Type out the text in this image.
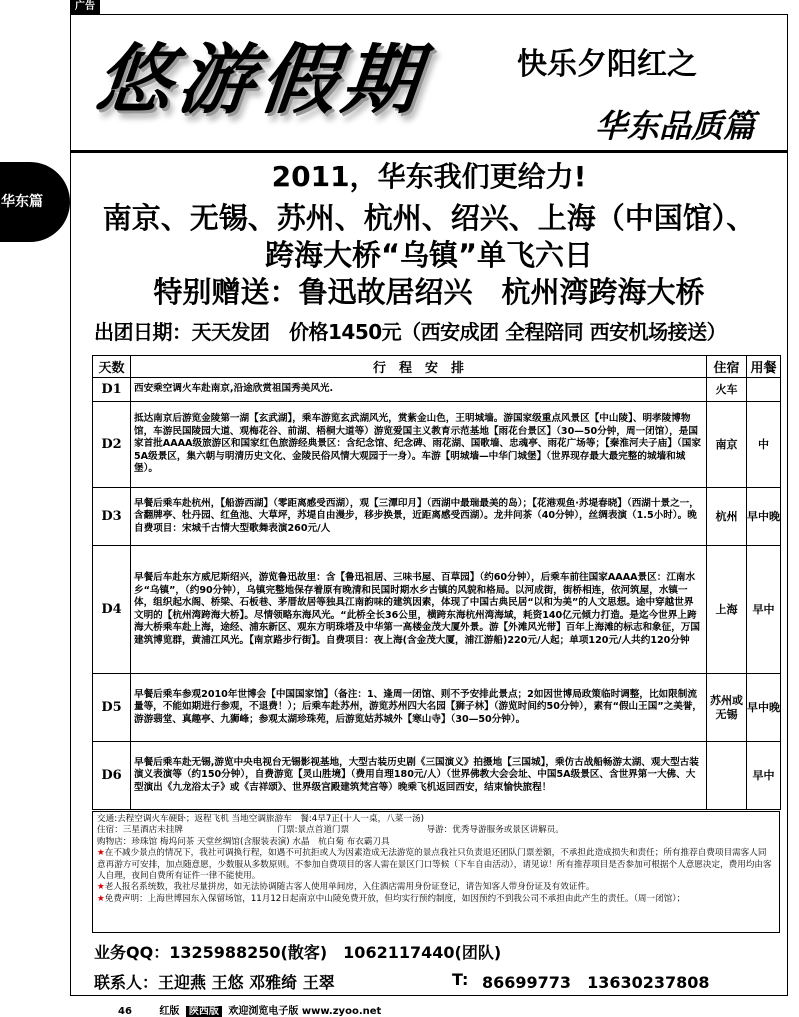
广告
华东篇
悠游假期	快乐夕阳红之
华东品质篇
2011，华东我们更给力!
南京、无锡、苏州、杭州、绍兴、上海（中国馆）、
跨海大桥“乌镇”单飞六日
特别赠送：鲁迅故居绍兴　杭州湾跨海大桥
出团日期：天天发团　价格1450元（西安成团 全程陪同 西安机场接送）
天数	行　程　安　排	住宿	用餐
D1	西安乘空调火车赴南京,沿途欣赏祖国秀美风光.	火车	
D2	抵达南京后游览金陵第一湖【玄武湖】，乘车游览玄武湖风光，赏紫金山色，王明城墙。游国家级重点风景区【中山陵】、明孝陵博物馆，车游民国陵园大道、观梅花谷、前湖、梧桐大道等）游览爱国主义教育示范基地【雨花台景区】（30—50分钟，周一闭馆），是国家首批AAAA级旅游区和国家红色旅游经典景区：含纪念馆、纪念碑、雨花湖、国歌墙、忠魂亭、雨花广场等；【秦淮河夫子庙】（国家5A级景区，集六朝与明清历史文化、金陵民俗风情大观园于一身）。车游【明城墙—中华门城堡】（世界现存最大最完整的城墙和城堡）。	南京	中
D3	早餐后乘车赴杭州，【船游西湖】（零距离感受西湖），观【三潭印月】（西湖中最瑞最美的岛）；【花港观鱼·苏堤春晓】（西湖十景之一，含翻牌亭、牡丹园、红鱼池、大草坪，苏堤自由漫步，移步换景，近距离感受西湖）。龙井问茶（40分钟），丝绸表演（1.5小时）。晚自费项目：宋城千古情大型歌舞表演260元/人	杭州	早中晚
D4	早餐后车赴东方威尼斯绍兴，游览鲁迅故里：含【鲁迅祖居、三味书屋、百草园】（约60分钟），后乘车前往国家AAAA景区：江南水乡“乌镇”，（约90分钟），乌镇完整地保存着原有晚清和民国时期水乡古镇的风貌和格局。以河成街，街桥相连，依河筑屋，水镇一体，组织起水阁、桥梁、石板巷、茅厝故居等独具江南韵味的建筑因素，体现了中国古典民居“以和为美”的人文思想。途中穿越世界文明的【杭州湾跨海大桥】。尽情领略东海风光。“此桥全长36公里，横跨东海杭州湾海域，耗资140亿元倾力打造。是迄今世界上跨海大桥乘车赴上海，途经、浦东新区、观东方明珠塔及中华第一高楼金茂大厦外景。游【外滩风光带】百年上海滩的标志和象征，万国建筑博览群，黄浦江风光。【南京路步行街】。自费项目：夜上海(含金茂大厦，浦江游船)220元/人起；单项120元/人共约120分钟	上海	早中
D5	早餐后乘车参观2010年世博会【中国国家馆】（备注：1、逢周一闭馆、则不予安排此景点；2如因世博局政策临时调整，比如限制流量等，不能如期进行参观，不退费！）；后乘车赴苏州，游览苏州四大名园【狮子林】（游览时间约50分钟），素有“假山王国”之美誉，游游翡堂、真趣亭、九狮峰；参观太湖珍珠苑，后游览姑苏城外【寒山寺】（30—50分钟）。	苏州或无锡	早中晚
D6	早餐后乘车赴无锡,游览中央电视台无锡影视基地，大型古装历史剧《三国演义》拍摄地【三国城】，乘仿古战船畅游太湖、观大型古装演义表演等（约150分钟），自费游览【灵山胜境】（费用自理180元/人）（世界佛教大会会址、中国5A级景区、含世界第一大佛、大型演出《九龙浴太子》或《吉祥颂》、世界级宫殿建筑梵宫等）晚乘飞机返回西安，结束愉快旅程！		早中

交通:去程空调火车硬卧；返程飞机 当地空调旅游车　餐:4早7正(十人一桌，八菜一汤)

住宿：三星酒店未挂牌　　　　　　　　　　　门票:景点首道门票　　　　　　　　　导游：优秀导游服务或景区讲解员。

购物店：珍珠馆 梅坞问茶 天堂丝绸馆(含服装表演) 水晶　杭白菊 布衣霸刀具

★在不减少景点的情况下，我社可调换行程，如遇不可抗拒或人为因素造成无法游览的景点我社只负责退还团队门票差额，不承担此造成损失和责任；所有推荐自费项目需客人同意再游方可安排，加点随意愿，少数服从多数原则。不参加自费项目的客人需在景区门口等候（下车自由活动），请见谅！所有推荐项目是否参加可根据个人意愿决定，费用均由客人自理，夜间自费所有证件一律不能使用。

★老人报名系统数，我社尽量拼房，如无法协调随古客人使用单间房，入住酒店需用身份证登记，请告知客人带身份证及有效证件。

★免费声明：上海世博园东入保留场馆，11月12日起南京中山陵免费开放，但均实行预约制度，如因预约不到我公司不承担由此产生的责任。（周一闭馆）；

业务QQ：1325988250(散客)　1062117440(团队)
联系人：王迎燕 王悠 邓雅绮 王翠	T: 86699773　13630237808
46	红版 陕西版 欢迎浏览电子版 www.zyoo.net
